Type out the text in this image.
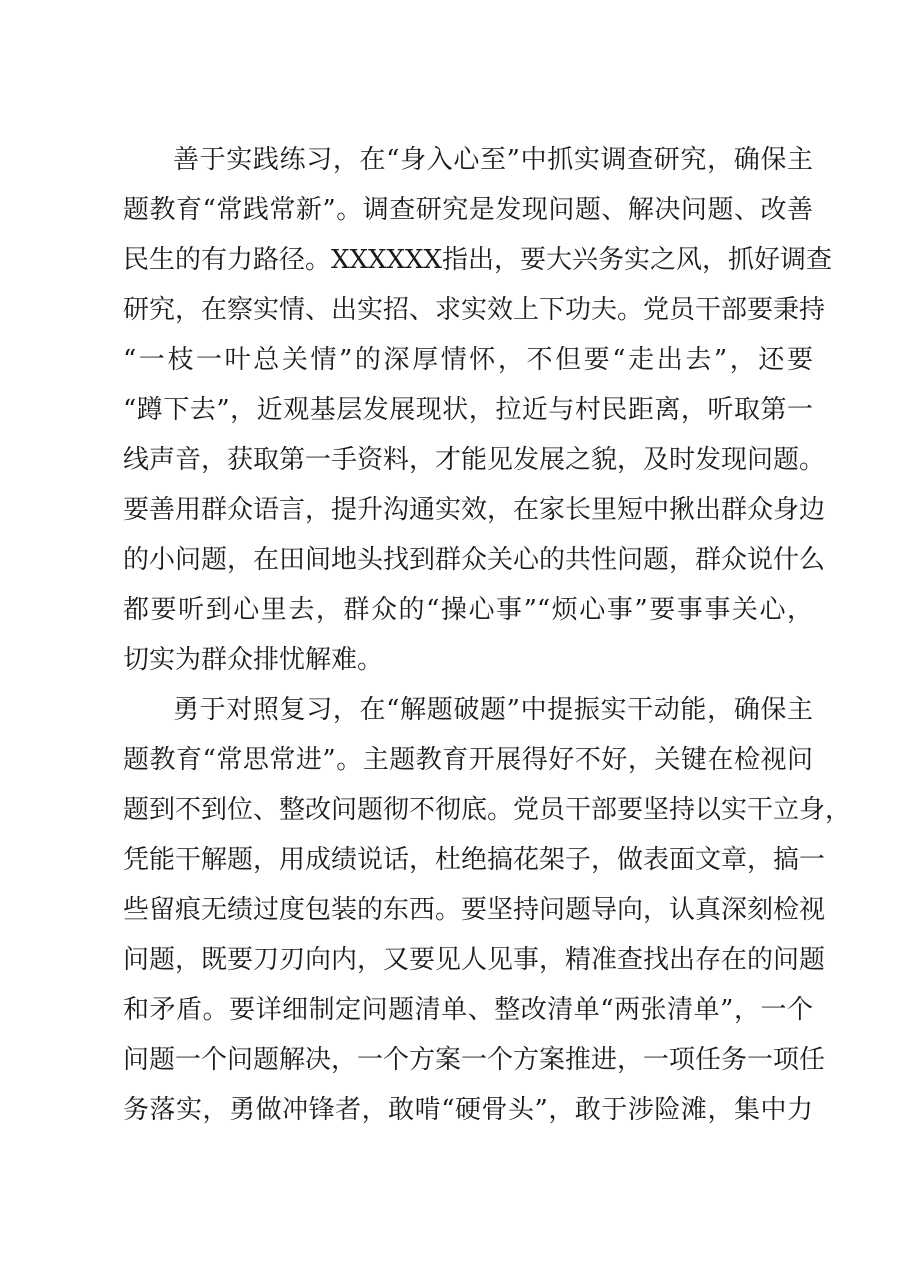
善于实践练习，在“身入心至”中抓实调查研究，确保主
题教育“常践常新”。调查研究是发现问题、解决问题、改善
民生的有力路径。XXXXXX指出，要大兴务实之风，抓好调查
研究，在察实情、出实招、求实效上下功夫。党员干部要秉持
“一枝一叶总关情”的深厚情怀，不但要“走出去”，还要
“蹲下去”，近观基层发展现状，拉近与村民距离，听取第一
线声音，获取第一手资料，才能见发展之貌，及时发现问题。
要善用群众语言，提升沟通实效，在家长里短中揪出群众身边
的小问题，在田间地头找到群众关心的共性问题，群众说什么
都要听到心里去，群众的“操心事”“烦心事”要事事关心，
切实为群众排忧解难。
勇于对照复习，在“解题破题”中提振实干动能，确保主
题教育“常思常进”。主题教育开展得好不好，关键在检视问
题到不到位、整改问题彻不彻底。党员干部要坚持以实干立身，
凭能干解题，用成绩说话，杜绝搞花架子，做表面文章，搞一
些留痕无绩过度包装的东西。要坚持问题导向，认真深刻检视
问题，既要刀刃向内，又要见人见事，精准查找出存在的问题
和矛盾。要详细制定问题清单、整改清单“两张清单”，一个
问题一个问题解决，一个方案一个方案推进，一项任务一项任
务落实，勇做冲锋者，敢啃“硬骨头”，敢于涉险滩，集中力
